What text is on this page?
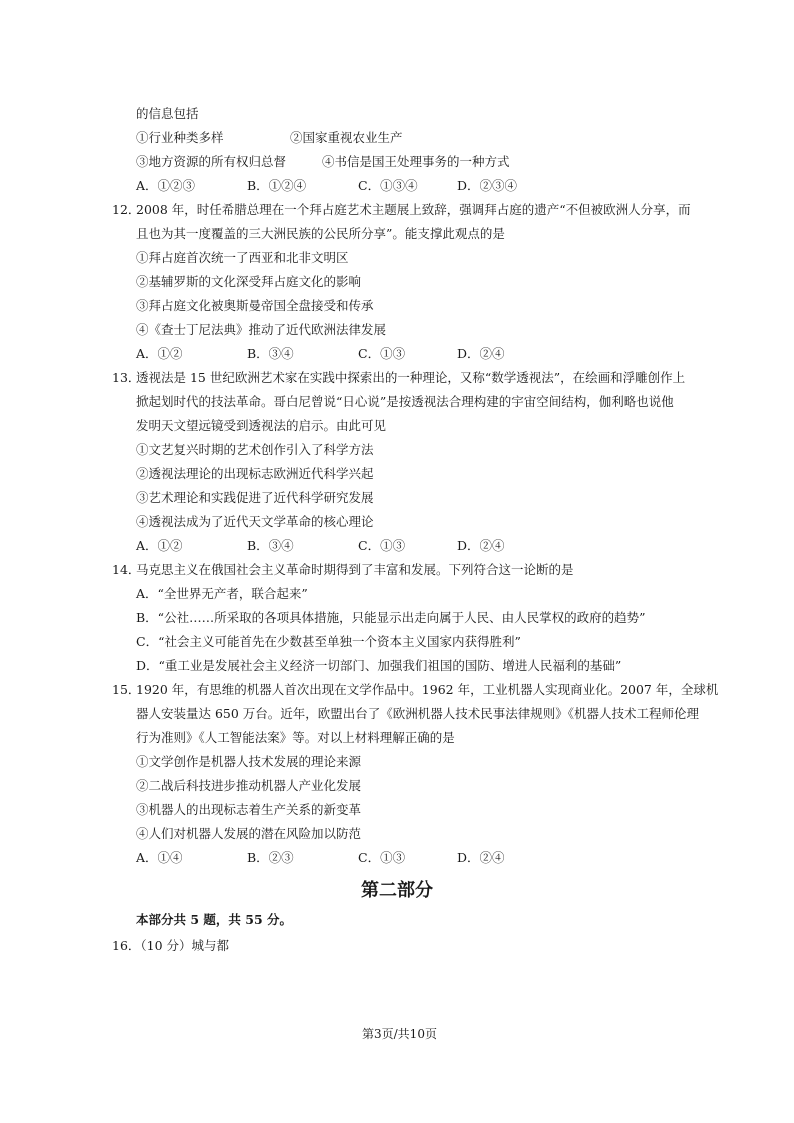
的信息包括
①行业种类多样	②国家重视农业生产
③地方资源的所有权归总督	④书信是国王处理事务的一种方式
A．①②③	B．①②④	C．①③④	D．②③④
12．
2008 年，时任希腊总理在一个拜占庭艺术主题展上致辞，强调拜占庭的遗产“不但被欧洲人分享，而
且也为其一度覆盖的三大洲民族的公民所分享”。能支撑此观点的是
①拜占庭首次统一了西亚和北非文明区
②基辅罗斯的文化深受拜占庭文化的影响
③拜占庭文化被奥斯曼帝国全盘接受和传承
④《查士丁尼法典》推动了近代欧洲法律发展
A．①②	B．③④	C．①③	D．②④
13．
透视法是 15 世纪欧洲艺术家在实践中探索出的一种理论，又称“数学透视法”，在绘画和浮雕创作上
掀起划时代的技法革命。哥白尼曾说“日心说”是按透视法合理构建的宇宙空间结构，伽利略也说他
发明天文望远镜受到透视法的启示。由此可见
①文艺复兴时期的艺术创作引入了科学方法
②透视法理论的出现标志欧洲近代科学兴起
③艺术理论和实践促进了近代科学研究发展
④透视法成为了近代天文学革命的核心理论
A．①②	B．③④	C．①③	D．②④
14．
马克思主义在俄国社会主义革命时期得到了丰富和发展。下列符合这一论断的是
A．“全世界无产者，联合起来”
B．“公社……所采取的各项具体措施，只能显示出走向属于人民、由人民掌权的政府的趋势”
C．“社会主义可能首先在少数甚至单独一个资本主义国家内获得胜利”
D．“重工业是发展社会主义经济一切部门、加强我们祖国的国防、增进人民福利的基础”
15．
1920 年，有思维的机器人首次出现在文学作品中。1962 年，工业机器人实现商业化。2007 年，全球机
器人安装量达 650 万台。近年，欧盟出台了《欧洲机器人技术民事法律规则》《机器人技术工程师伦理
行为准则》《人工智能法案》等。对以上材料理解正确的是
①文学创作是机器人技术发展的理论来源
②二战后科技进步推动机器人产业化发展
③机器人的出现标志着生产关系的新变革
④人们对机器人发展的潜在风险加以防范
A．①④	B．②③	C．①③	D．②④
第二部分
本部分共 5 题，共 55 分。
16．（10 分）城与都
第3页/共10页
